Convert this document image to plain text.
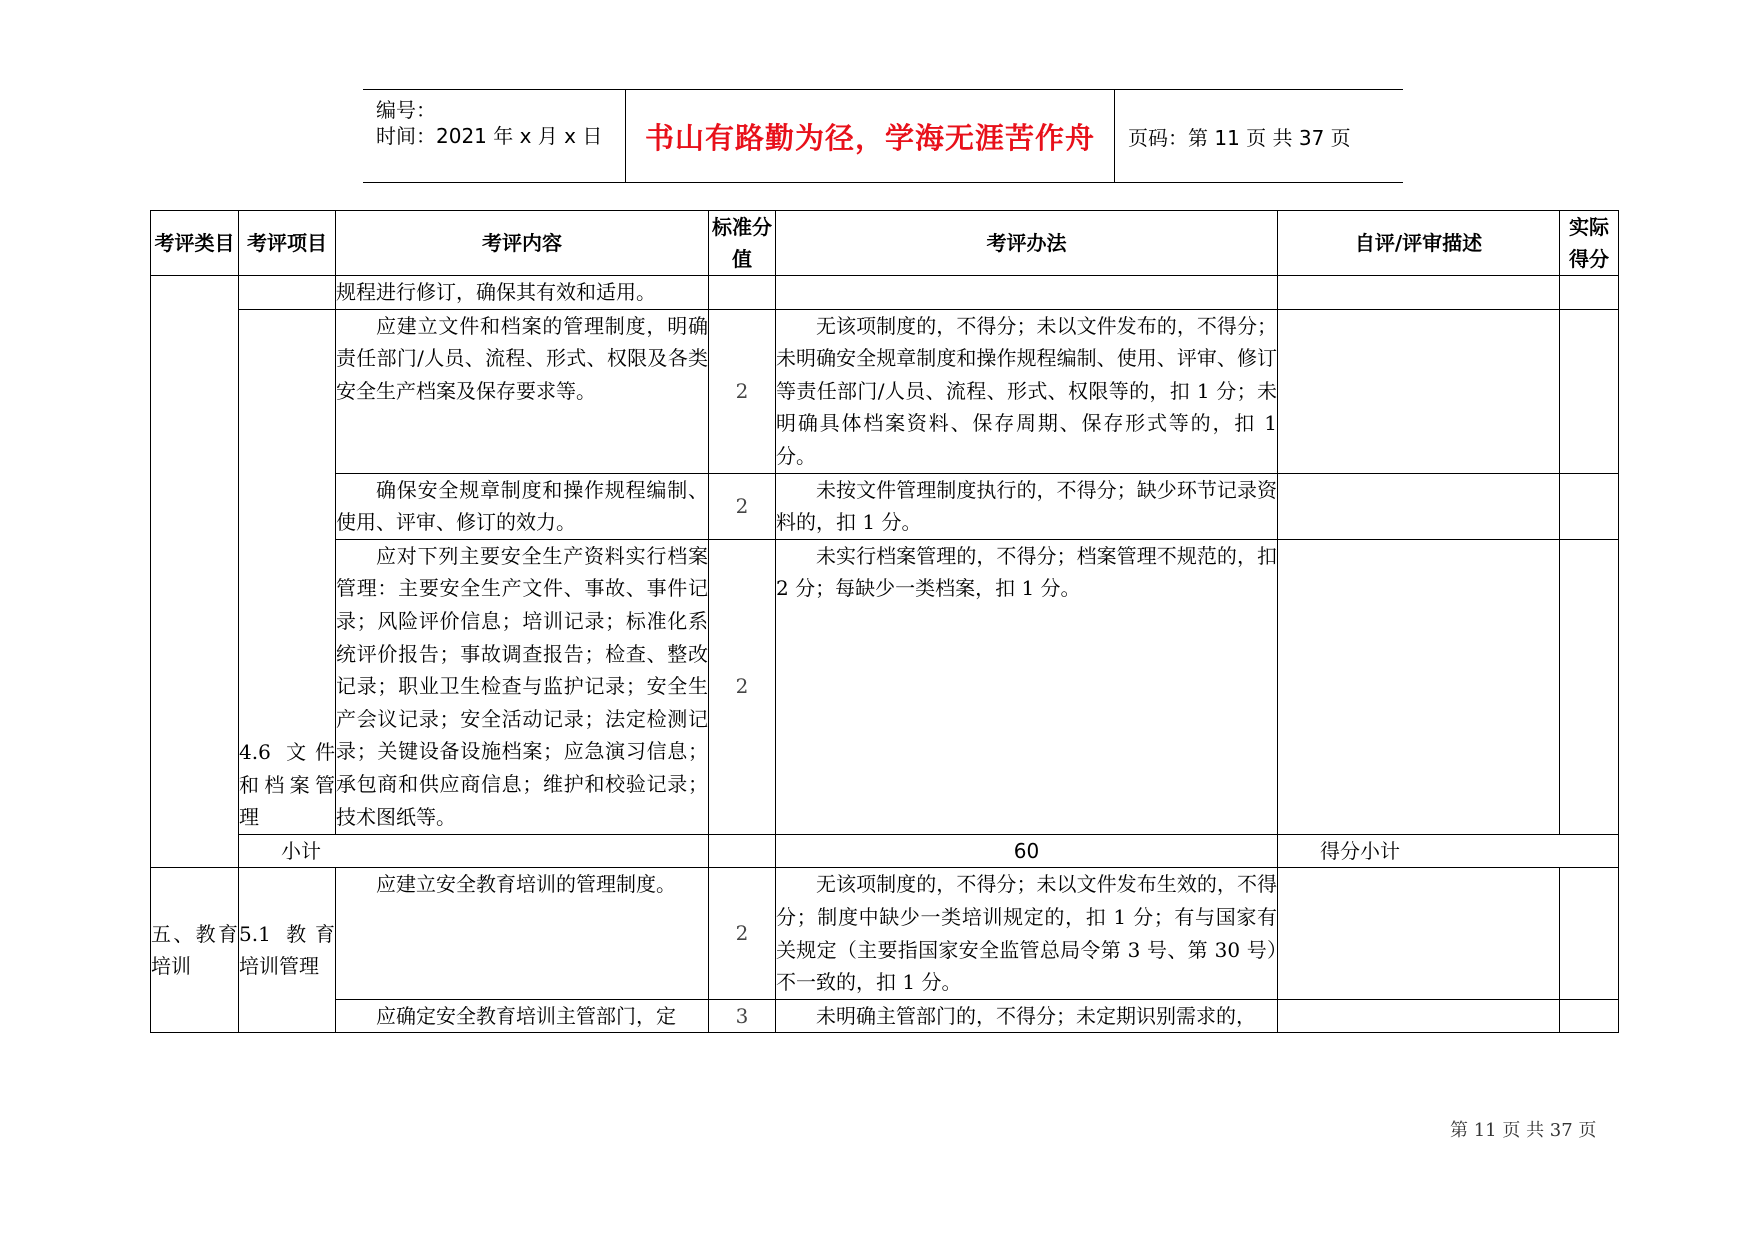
编号：
时间：2021 年 x 月 x 日 书山有路勤为径，学海无涯苦作舟 页码：第 11 页 共 37 页
考评类目	考评项目	考评内容	标准分值	考评办法	自评/评审描述	实际得分	
		规程进行修订，确保其有效和适用。					
	4.6 文件和档案管理	应建立文件和档案的管理制度，明确责任部门/人员、流程、形式、权限及各类安全生产档案及保存要求等。	2	无该项制度的，不得分；未以文件发布的，不得分；未明确安全规章制度和操作规程编制、使用、评审、修订等责任部门/人员、流程、形式、权限等的，扣 1 分；未明确具体档案资料、保存周期、保存形式等的，扣 1 分。			
		确保安全规章制度和操作规程编制、使用、评审、修订的效力。	2	未按文件管理制度执行的，不得分；缺少环节记录资料的，扣 1 分。			
		应对下列主要安全生产资料实行档案管理：主要安全生产文件、事故、事件记录；风险评价信息；培训记录；标准化系统评价报告；事故调查报告；检查、整改记录；职业卫生检查与监护记录；安全生产会议记录；安全活动记录；法定检测记录；关键设备设施档案；应急演习信息；承包商和供应商信息；维护和校验记录；技术图纸等。	2	未实行档案管理的，不得分；档案管理不规范的，扣 2 分；每缺少一类档案，扣 1 分。			
	小计			60	得分小计		
五、教育培训	5.1 教育培训管理	应建立安全教育培训的管理制度。	2	无该项制度的，不得分；未以文件发布生效的，不得分；制度中缺少一类培训规定的，扣 1 分；有与国家有关规定（主要指国家安全监管总局令第 3 号、第 30 号）不一致的，扣 1 分。			
		应确定安全教育培训主管部门，定	3	未明确主管部门的，不得分；未定期识别需求的，			
第 11 页 共 37 页
